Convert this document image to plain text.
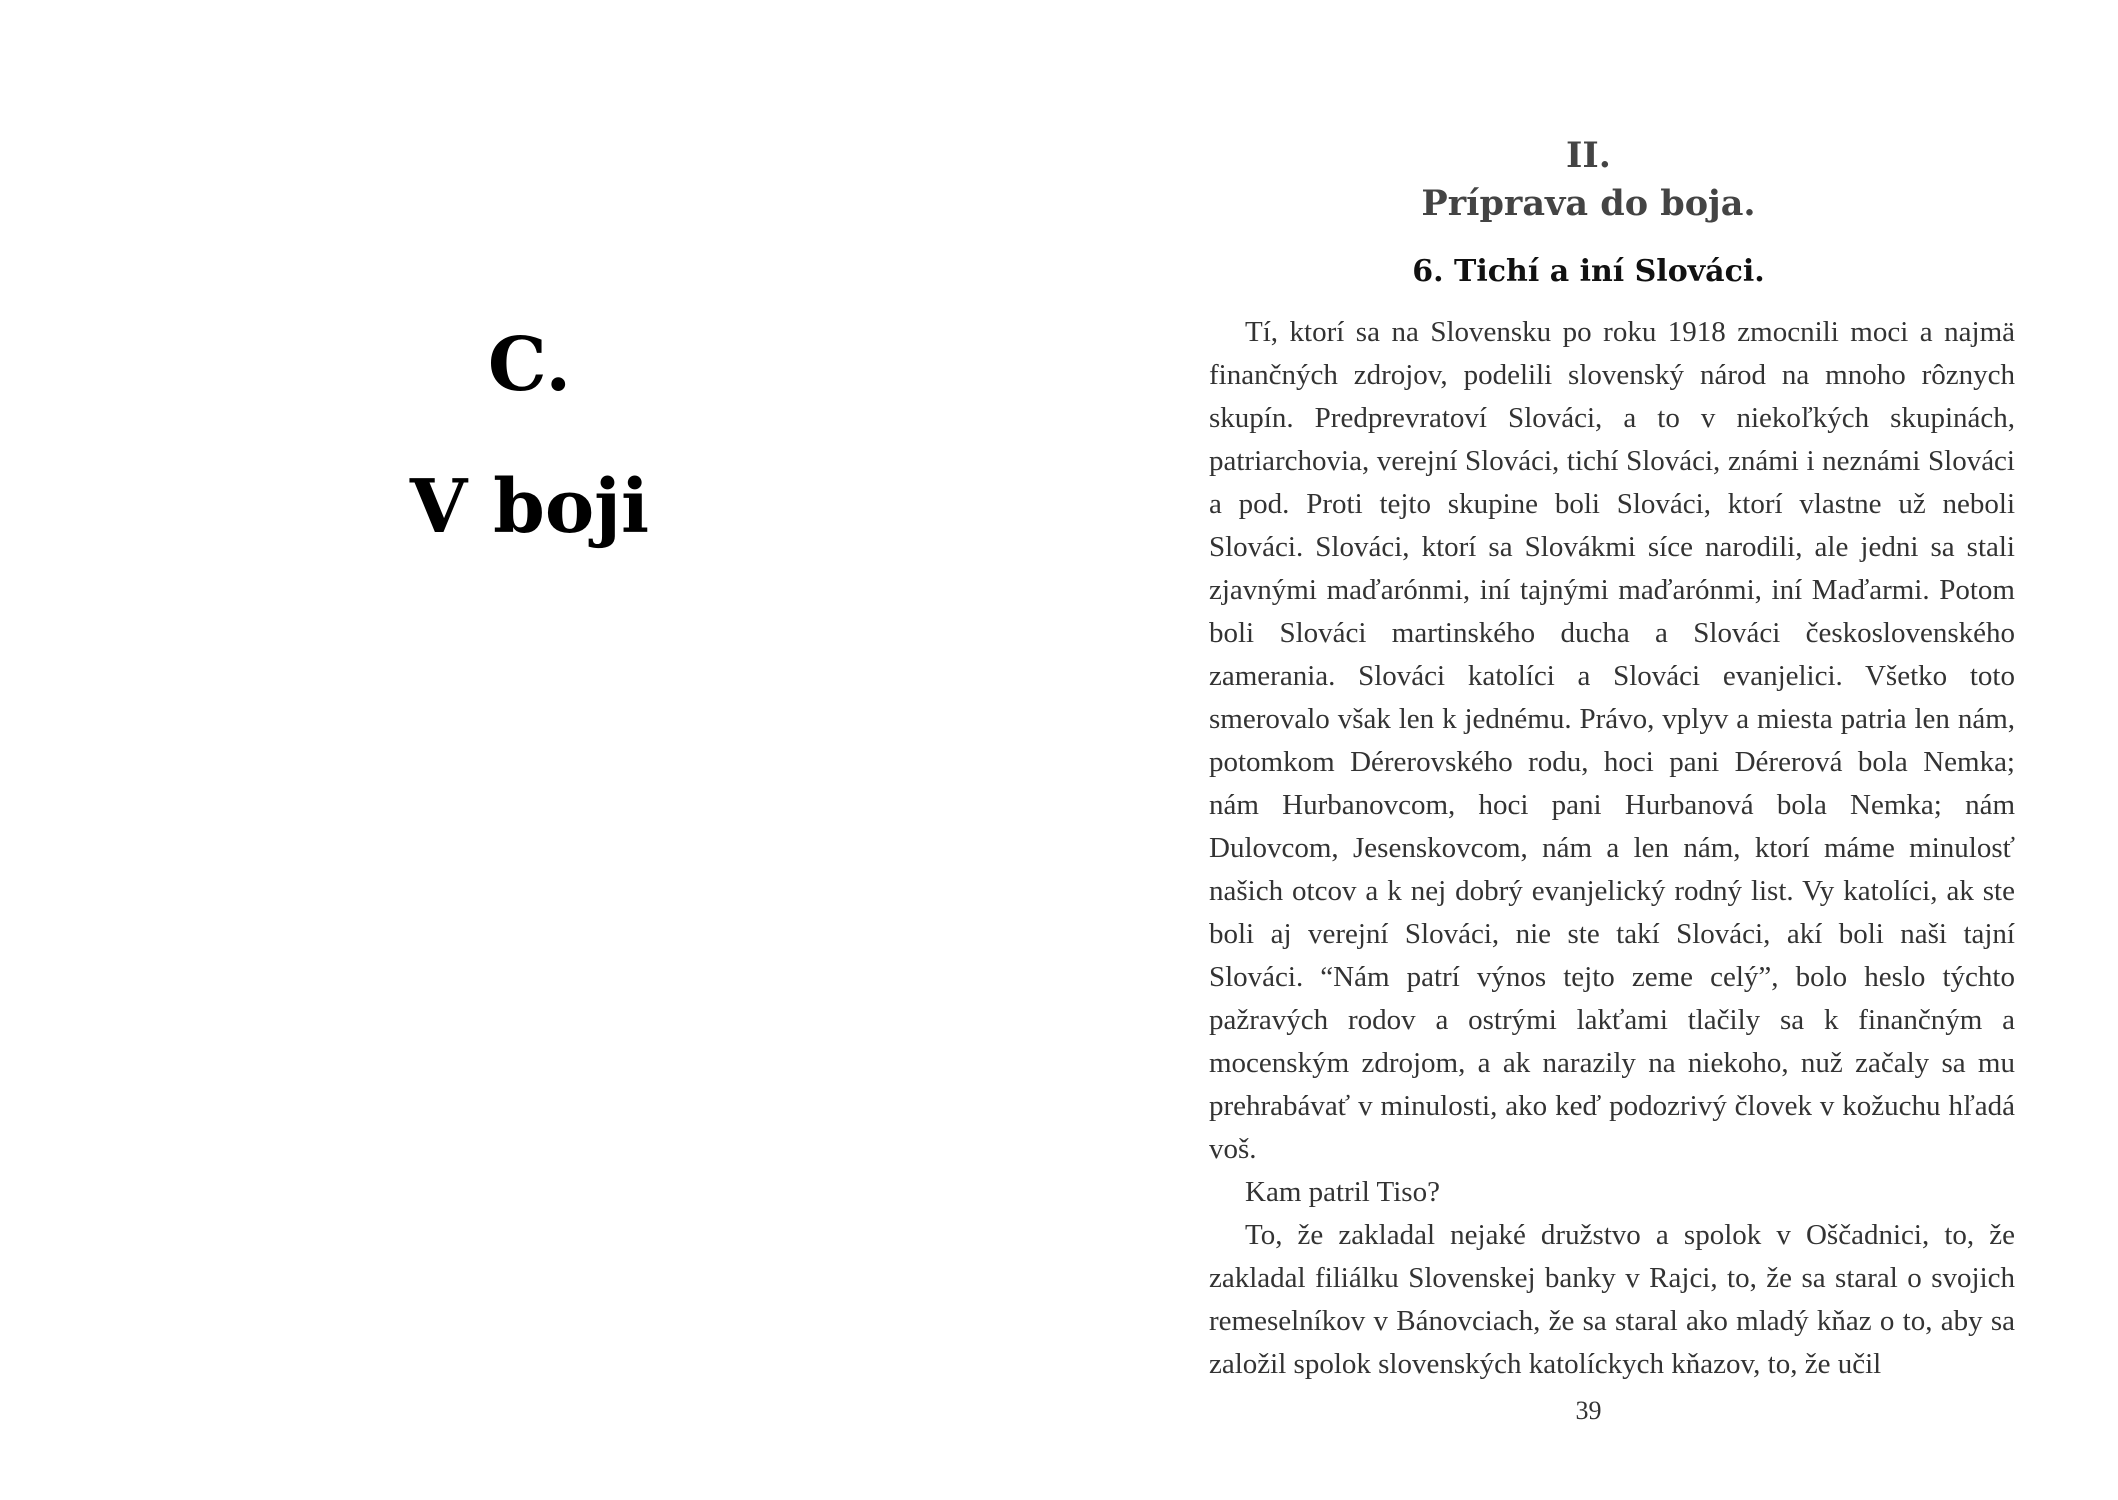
C.
V boji
II.
Príprava do boja.
6. Tichí a iní Slováci.

Tí, ktorí sa na Slovensku po roku 1918 zmocnili moci a najmä finančných zdrojov, podelili slovenský národ na mnoho rôznych skupín. Predprevratoví Slováci, a to v niekoľkých skupinách, patriarchovia, verejní Slováci, tichí Slováci, známi i neznámi Slováci a pod. Proti tejto skupine boli Slováci, ktorí vlastne už neboli Slováci. Slováci, ktorí sa Slovákmi síce narodili, ale jedni sa stali zjavnými maďarónmi, iní tajnými maďarónmi, iní Maďarmi. Potom boli Slováci martinského ducha a Slováci československého zamerania. Slováci katolíci a Slováci evanjelici. Všetko toto smerovalo však len k jednému. Právo, vplyv a miesta patria len nám, potomkom Dérerovského rodu, hoci pani Dérerová bola Nemka; nám Hurbanovcom, hoci pani Hurbanová bola Nemka; nám Dulovcom, Jesenskovcom, nám a len nám, ktorí máme minulosť našich otcov a k nej dobrý evanjelický rodný list. Vy katolíci, ak ste boli aj verejní Slováci, nie ste takí Slováci, akí boli naši tajní Slováci. “Nám patrí výnos tejto zeme celý”, bolo heslo týchto pažravých rodov a ostrými lakťami tlačily sa k finančným a mocenským zdrojom, a ak narazily na niekoho, nuž začaly sa mu prehrabávať v minulosti, ako keď podozrivý človek v kožuchu hľadá voš.

Kam patril Tiso?

To, že zakladal nejaké družstvo a spolok v Oščadnici, to, že zakladal filiálku Slovenskej banky v Rajci, to, že sa staral o svojich remeselníkov v Bánovciach, že sa staral ako mladý kňaz o to, aby sa založil spolok slovenských katolíckych kňazov, to, že učil

39
